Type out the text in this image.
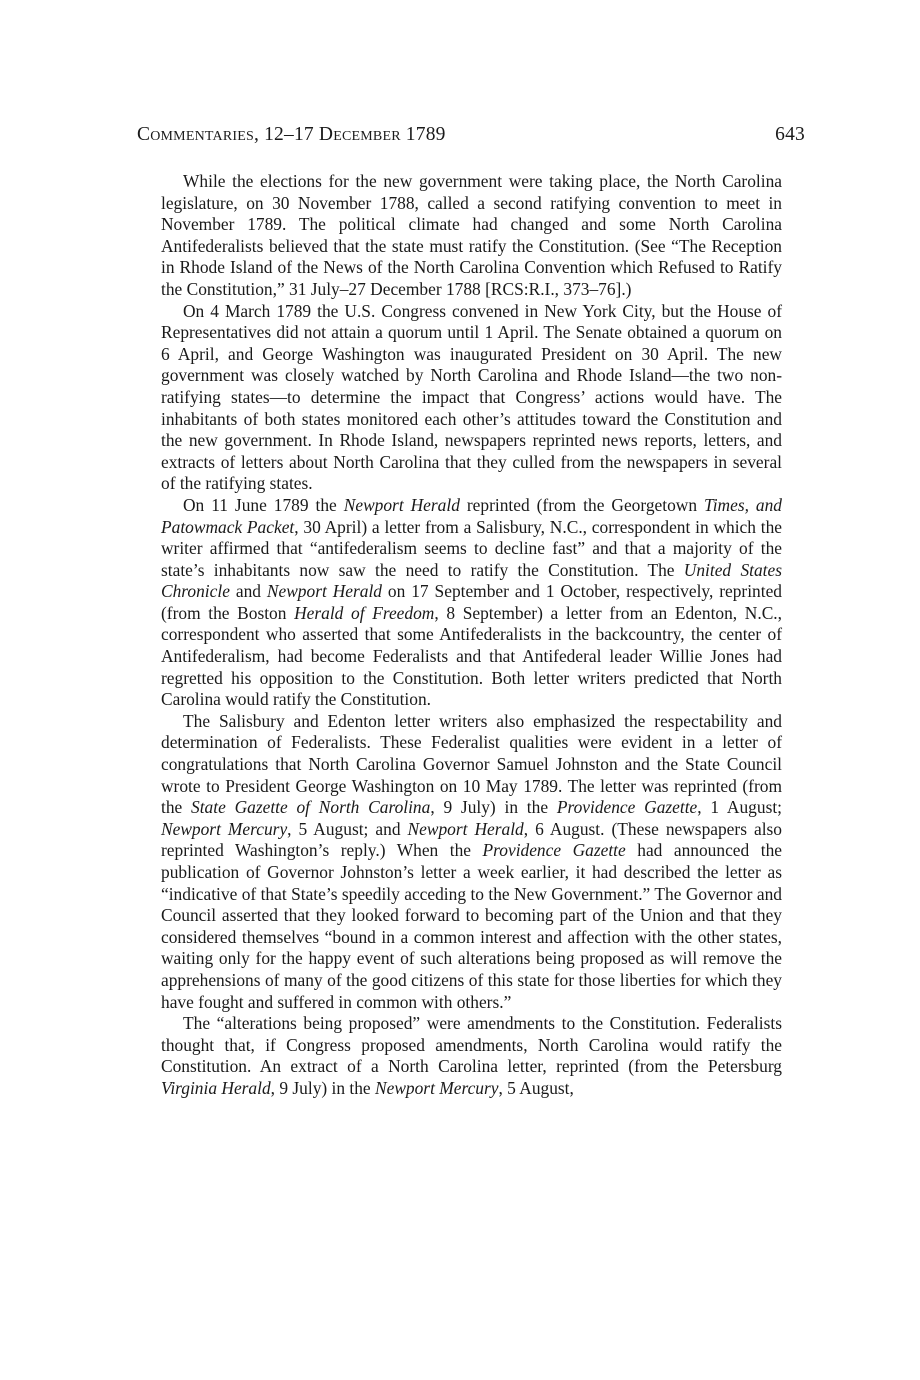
Commentaries, 12–17 December 1789	643

While the elections for the new government were taking place, the North Carolina legislature, on 30 November 1788, called a second ratifying convention to meet in November 1789. The political climate had changed and some North Carolina Antifederalists believed that the state must ratify the Constitution. (See “The Reception in Rhode Island of the News of the North Carolina Convention which Refused to Ratify the Constitution,” 31 July–27 December 1788 [RCS:R.I., 373–76].)

On 4 March 1789 the U.S. Congress convened in New York City, but the House of Representatives did not attain a quorum until 1 April. The Senate obtained a quorum on 6 April, and George Washington was inaugurated President on 30 April. The new government was closely watched by North Carolina and Rhode Island—the two non-ratifying states—to determine the impact that Congress’ actions would have. The inhabitants of both states monitored each other’s attitudes toward the Constitution and the new government. In Rhode Island, newspapers reprinted news reports, letters, and extracts of letters about North Carolina that they culled from the newspapers in several of the ratifying states.

On 11 June 1789 the Newport Herald reprinted (from the Georgetown Times, and Patowmack Packet, 30 April) a letter from a Salisbury, N.C., correspondent in which the writer affirmed that “antifederalism seems to decline fast” and that a majority of the state’s inhabitants now saw the need to ratify the Constitution. The United States Chronicle and Newport Herald on 17 September and 1 October, respectively, reprinted (from the Boston Herald of Freedom, 8 September) a letter from an Edenton, N.C., correspondent who asserted that some Antifederalists in the backcountry, the center of Antifederalism, had become Federalists and that Antifederal leader Willie Jones had regretted his opposition to the Constitution. Both letter writers predicted that North Carolina would ratify the Constitution.

The Salisbury and Edenton letter writers also emphasized the respectability and determination of Federalists. These Federalist qualities were evident in a letter of congratulations that North Carolina Governor Samuel Johnston and the State Council wrote to President George Washington on 10 May 1789. The letter was reprinted (from the State Gazette of North Carolina, 9 July) in the Providence Gazette, 1 August; Newport Mercury, 5 August; and Newport Herald, 6 August. (These newspapers also reprinted Washington’s reply.) When the Providence Gazette had announced the publication of Governor Johnston’s letter a week earlier, it had described the letter as “indicative of that State’s speedily acceding to the New Government.” The Governor and Council asserted that they looked forward to becoming part of the Union and that they considered themselves “bound in a common interest and affection with the other states, waiting only for the happy event of such alterations being proposed as will remove the apprehensions of many of the good citizens of this state for those liberties for which they have fought and suffered in common with others.”

The “alterations being proposed” were amendments to the Constitution. Federalists thought that, if Congress proposed amendments, North Carolina would ratify the Constitution. An extract of a North Carolina letter, reprinted (from the Petersburg Virginia Herald, 9 July) in the Newport Mercury, 5 August,
